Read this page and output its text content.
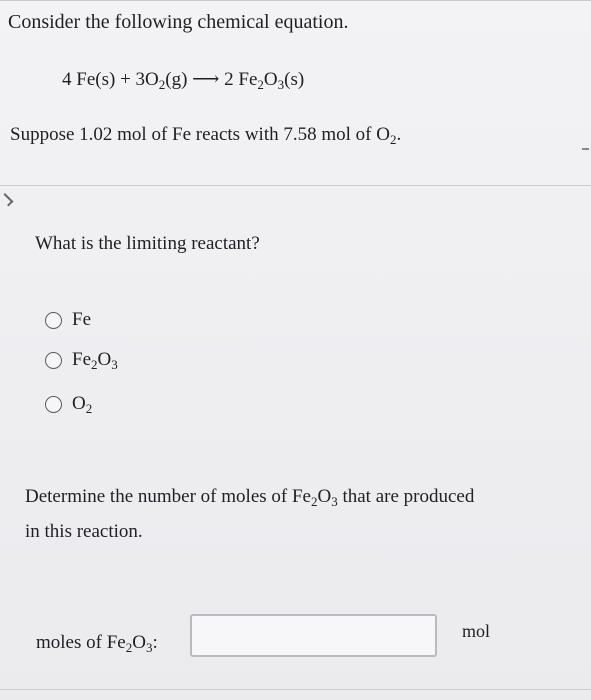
Consider the following chemical equation.
4 $Fe(s) + 3O_2(g)$ ⟶ 2 $Fe_2O_3(s)$
Suppose 1.02 mol of Fe reacts with 7.58 mol of $O_2$.
What is the limiting reactant?
Fe
$Fe_2O_3$
$O_2$
Determine the number of moles of $Fe_2O_3$ that are produced
in this reaction.
moles of $Fe_2O_3$:
mol
